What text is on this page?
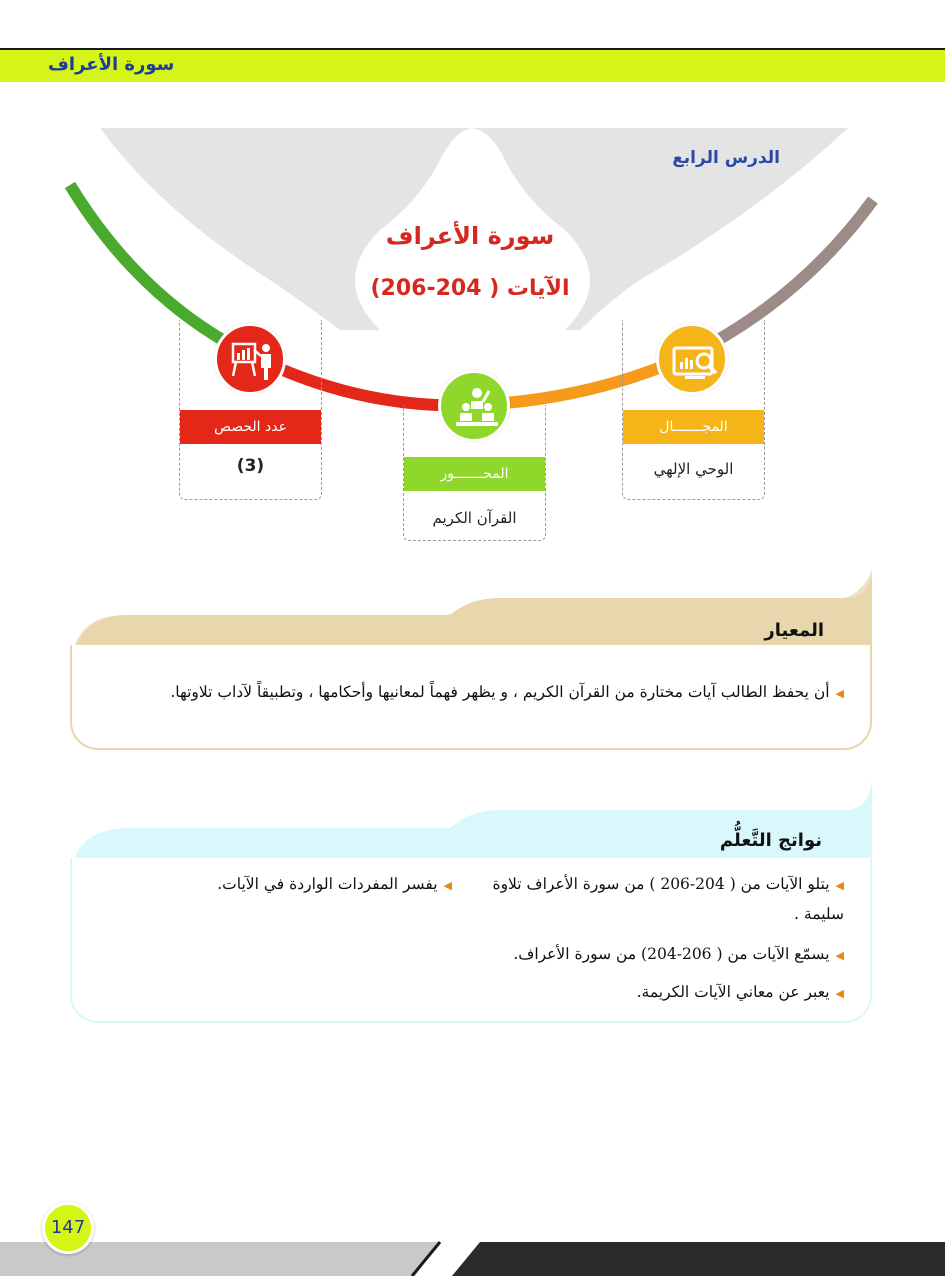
سورة الأعراف
الدرس الرابع
سورة الأعراف
الآيات ( 204-206)
عدد الحصص
(3)	المحـــــــور
القرآن الكريم
المجـــــــال
الوحي الإلهي
المعيار
◀أن يحفظ الطالب آيات مختارة من القرآن الكريم ، و يظهر فهماً لمعانيها وأحكامها ، وتطبيقاً لآداب تلاوتها.
نواتج التَّعلُّم
◀يتلو الآيات من ( 204-206 ) من سورة الأعراف تلاوة سليمة .
◀يفسر المفردات الواردة في الآيات.
◀يسمّع الآيات من ( 206-204) من سورة الأعراف.
◀يعبر عن معاني الآيات الكريمة.
147
